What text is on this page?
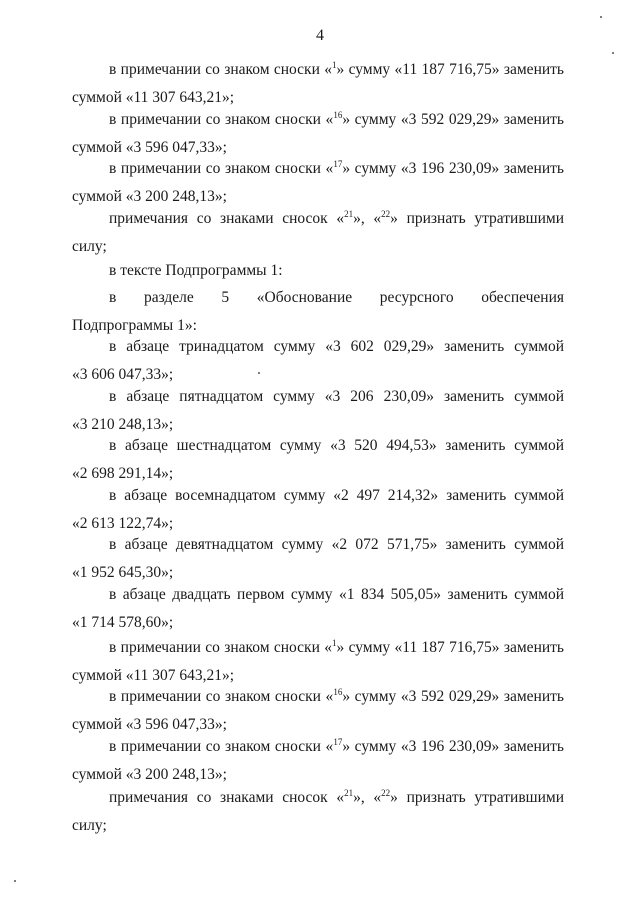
4
в примечании со знаком сноски «$^1$» сумму «11 187 716,75» заменить
суммой «11 307 643,21»;
в примечании со знаком сноски «$^{16}$» сумму «3 592 029,29» заменить
суммой «3 596 047,33»;
в примечании со знаком сноски «$^{17}$» сумму «3 196 230,09» заменить
суммой «3 200 248,13»;
примечания со знаками сносок «$^{21}$», «$^{22}$» признать утратившими
силу;
в тексте Подпрограммы 1:
в разделе 5 «Обоснование ресурсного обеспечения
Подпрограммы 1»:
в абзаце тринадцатом сумму «3 602 029,29» заменить суммой
«3 606 047,33»;
в абзаце пятнадцатом сумму «3 206 230,09» заменить суммой
«3 210 248,13»;
в абзаце шестнадцатом сумму «3 520 494,53» заменить суммой
«2 698 291,14»;
в абзаце восемнадцатом сумму «2 497 214,32» заменить суммой
«2 613 122,74»;
в абзаце девятнадцатом сумму «2 072 571,75» заменить суммой
«1 952 645,30»;
в абзаце двадцать первом сумму «1 834 505,05» заменить суммой
«1 714 578,60»;
в примечании со знаком сноски «$^1$» сумму «11 187 716,75» заменить
суммой «11 307 643,21»;
в примечании со знаком сноски «$^{16}$» сумму «3 592 029,29» заменить
суммой «3 596 047,33»;
в примечании со знаком сноски «$^{17}$» сумму «3 196 230,09» заменить
суммой «3 200 248,13»;
примечания со знаками сносок «$^{21}$», «$^{22}$» признать утратившими
силу;
